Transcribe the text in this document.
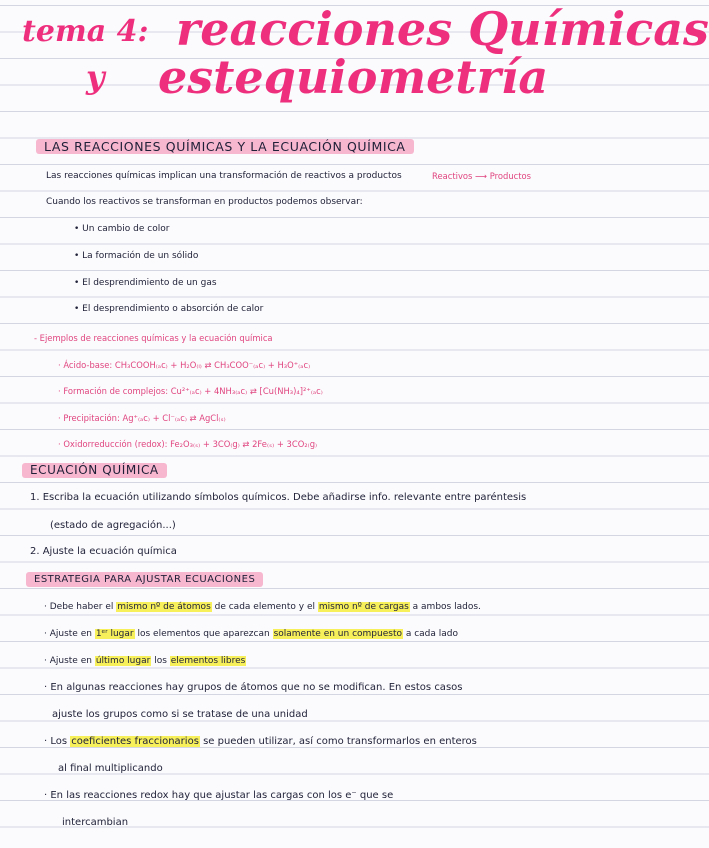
tema 4: reacciones Químicas
y estequiometría
LAS REACCIONES QUÍMICAS Y LA ECUACIÓN QUÍMICA
Las reacciones químicas implican una transformación de reactivos a productos	Reactivos ⟶ Productos
Cuando los reactivos se transforman en productos podemos observar:
• Un cambio de color
• La formación de un sólido
• El desprendimiento de un gas
• El desprendimiento o absorción de calor
- Ejemplos de reacciones químicas y la ecuación química
· Ácido-base: CH₃COOH₍ₐc₎ + H₂O₍ₗ₎ ⇄ CH₃COO⁻₍ₐc₎ + H₃O⁺₍ₐc₎
· Formación de complejos: Cu²⁺₍ₐc₎ + 4NH₃₍ₐc₎ ⇄ [Cu(NH₃)₄]²⁺₍ₐc₎
· Precipitación: Ag⁺₍ₐc₎ + Cl⁻₍ₐc₎ ⇄ AgCl₍ₛ₎
· Oxidorreducción (redox): Fe₂O₃₍ₛ₎ + 3CO₍g₎ ⇄ 2Fe₍ₛ₎ + 3CO₂₍g₎
ECUACIÓN QUÍMICA
1. Escriba la ecuación utilizando símbolos químicos. Debe añadirse info. relevante entre paréntesis
(estado de agregación...)
2. Ajuste la ecuación química
ESTRATEGIA PARA AJUSTAR ECUACIONES
· Debe haber el mismo nº de átomos de cada elemento y el mismo nº de cargas a ambos lados.
· Ajuste en 1ᵉʳ lugar los elementos que aparezcan solamente en un compuesto a cada lado
· Ajuste en último lugar los elementos libres
· En algunas reacciones hay grupos de átomos que no se modifican. En estos casos
ajuste los grupos como si se tratase de una unidad
· Los coeficientes fraccionarios se pueden utilizar, así como transformarlos en enteros
al final multiplicando
· En las reacciones redox hay que ajustar las cargas con los e⁻ que se
intercambian
